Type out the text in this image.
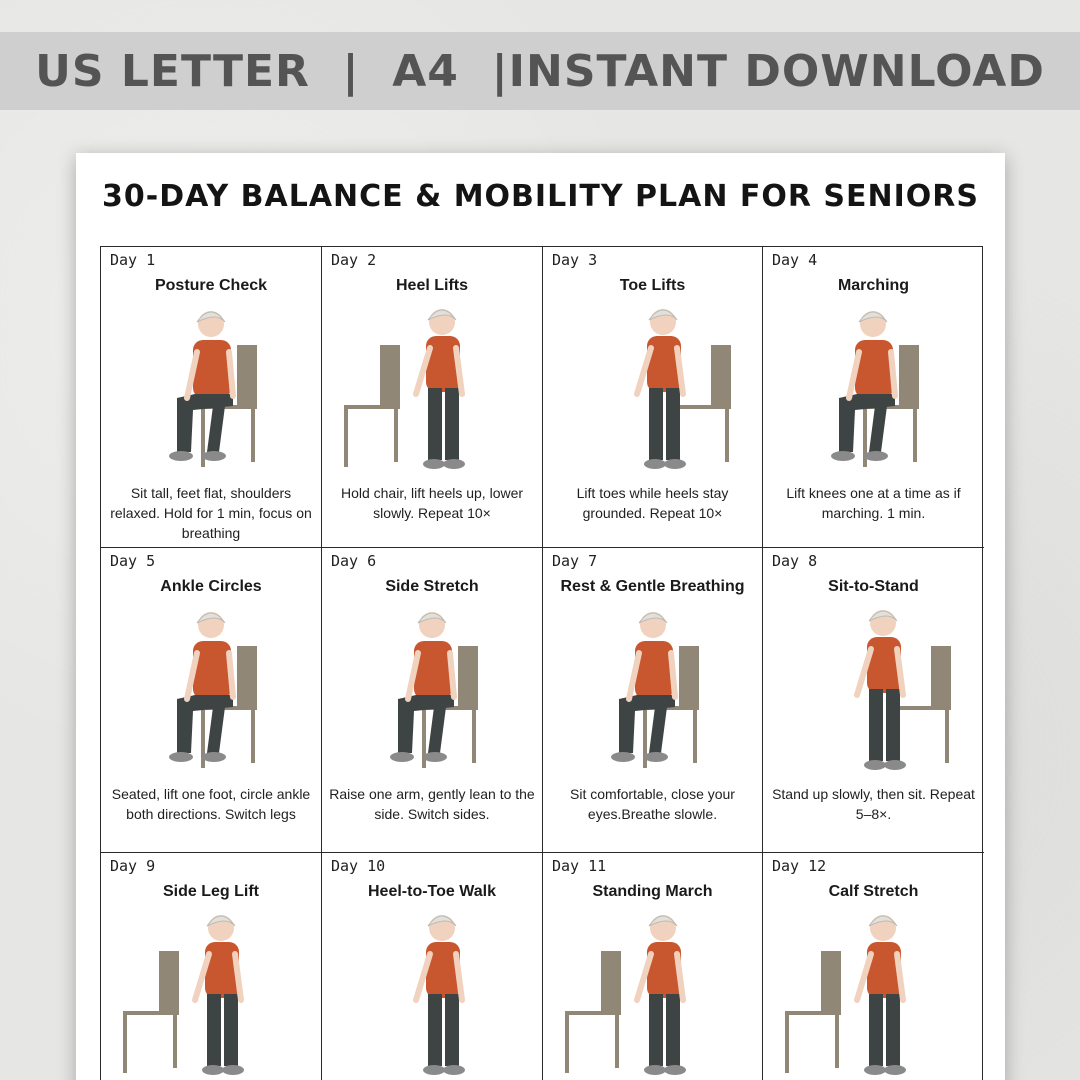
US LETTER  |  A4  |INSTANT DOWNLOAD
30-DAY BALANCE & MOBILITY PLAN FOR SENIORS
Day 1
Posture Check
Sit tall, feet flat, shoulders relaxed. Hold for 1 min, focus on breathing
Day 2
Heel Lifts
Hold chair, lift heels up, lower slowly. Repeat 10×
Day 3
Toe Lifts
Lift toes while heels stay grounded. Repeat 10×
Day 4
Marching
Lift knees one at a time as if marching. 1 min.
Day 5
Ankle Circles
Seated, lift one foot, circle ankle both directions. Switch legs
Day 6
Side Stretch
Raise one arm, gently lean to the side. Switch sides.
Day 7
Rest & Gentle Breathing
Sit comfortable, close your eyes.Breathe slowle.
Day 8
Sit-to-Stand
Stand up slowly, then sit. Repeat 5–8×.
Day 9
Side Leg Lift
Day 10
Heel-to-Toe Walk
Day 11
Standing March
Day 12
Calf Stretch
